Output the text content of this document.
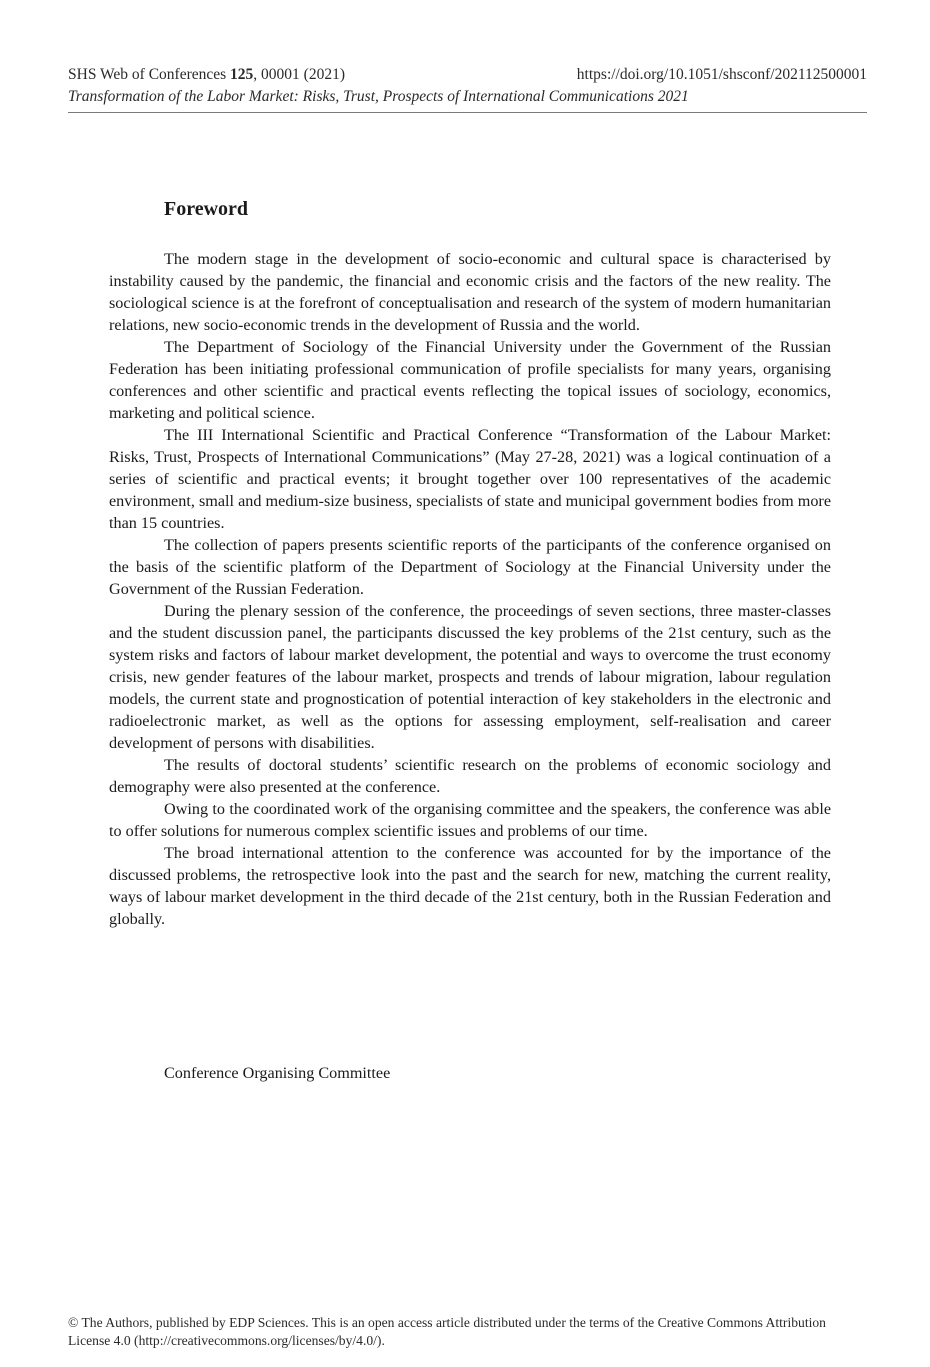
SHS Web of Conferences 125, 00001 (2021)	https://doi.org/10.1051/shsconf/202112500001
Transformation of the Labor Market: Risks, Trust, Prospects of International Communications 2021
Foreword

The modern stage in the development of socio-economic and cultural space is characterised by instability caused by the pandemic, the financial and economic crisis and the factors of the new reality. The sociological science is at the forefront of conceptualisation and research of the system of modern humanitarian relations, new socio-economic trends in the development of Russia and the world.

The Department of Sociology of the Financial University under the Government of the Russian Federation has been initiating professional communication of profile specialists for many years, organising conferences and other scientific and practical events reflecting the topical issues of sociology, economics, marketing and political science.

The III International Scientific and Practical Conference “Transformation of the Labour Market: Risks, Trust, Prospects of International Communications” (May 27-28, 2021) was a logical continuation of a series of scientific and practical events; it brought together over 100 representatives of the academic environment, small and medium-size business, specialists of state and municipal government bodies from more than 15 countries.

The collection of papers presents scientific reports of the participants of the conference organised on the basis of the scientific platform of the Department of Sociology at the Financial University under the Government of the Russian Federation.

During the plenary session of the conference, the proceedings of seven sections, three master-classes and the student discussion panel, the participants discussed the key problems of the 21st century, such as the system risks and factors of labour market development, the potential and ways to overcome the trust economy crisis, new gender features of the labour market, prospects and trends of labour migration, labour regulation models, the current state and prognostication of potential interaction of key stakeholders in the electronic and radioelectronic market, as well as the options for assessing employment, self-realisation and career development of persons with disabilities.

The results of doctoral students’ scientific research on the problems of economic sociology and demography were also presented at the conference.

Owing to the coordinated work of the organising committee and the speakers, the conference was able to offer solutions for numerous complex scientific issues and problems of our time.

The broad international attention to the conference was accounted for by the importance of the discussed problems, the retrospective look into the past and the search for new, matching the current reality, ways of labour market development in the third decade of the 21st century, both in the Russian Federation and globally.

Conference Organising Committee
© The Authors, published by EDP Sciences. This is an open access article distributed under the terms of the Creative Commons Attribution License 4.0 (http://creativecommons.org/licenses/by/4.0/).
